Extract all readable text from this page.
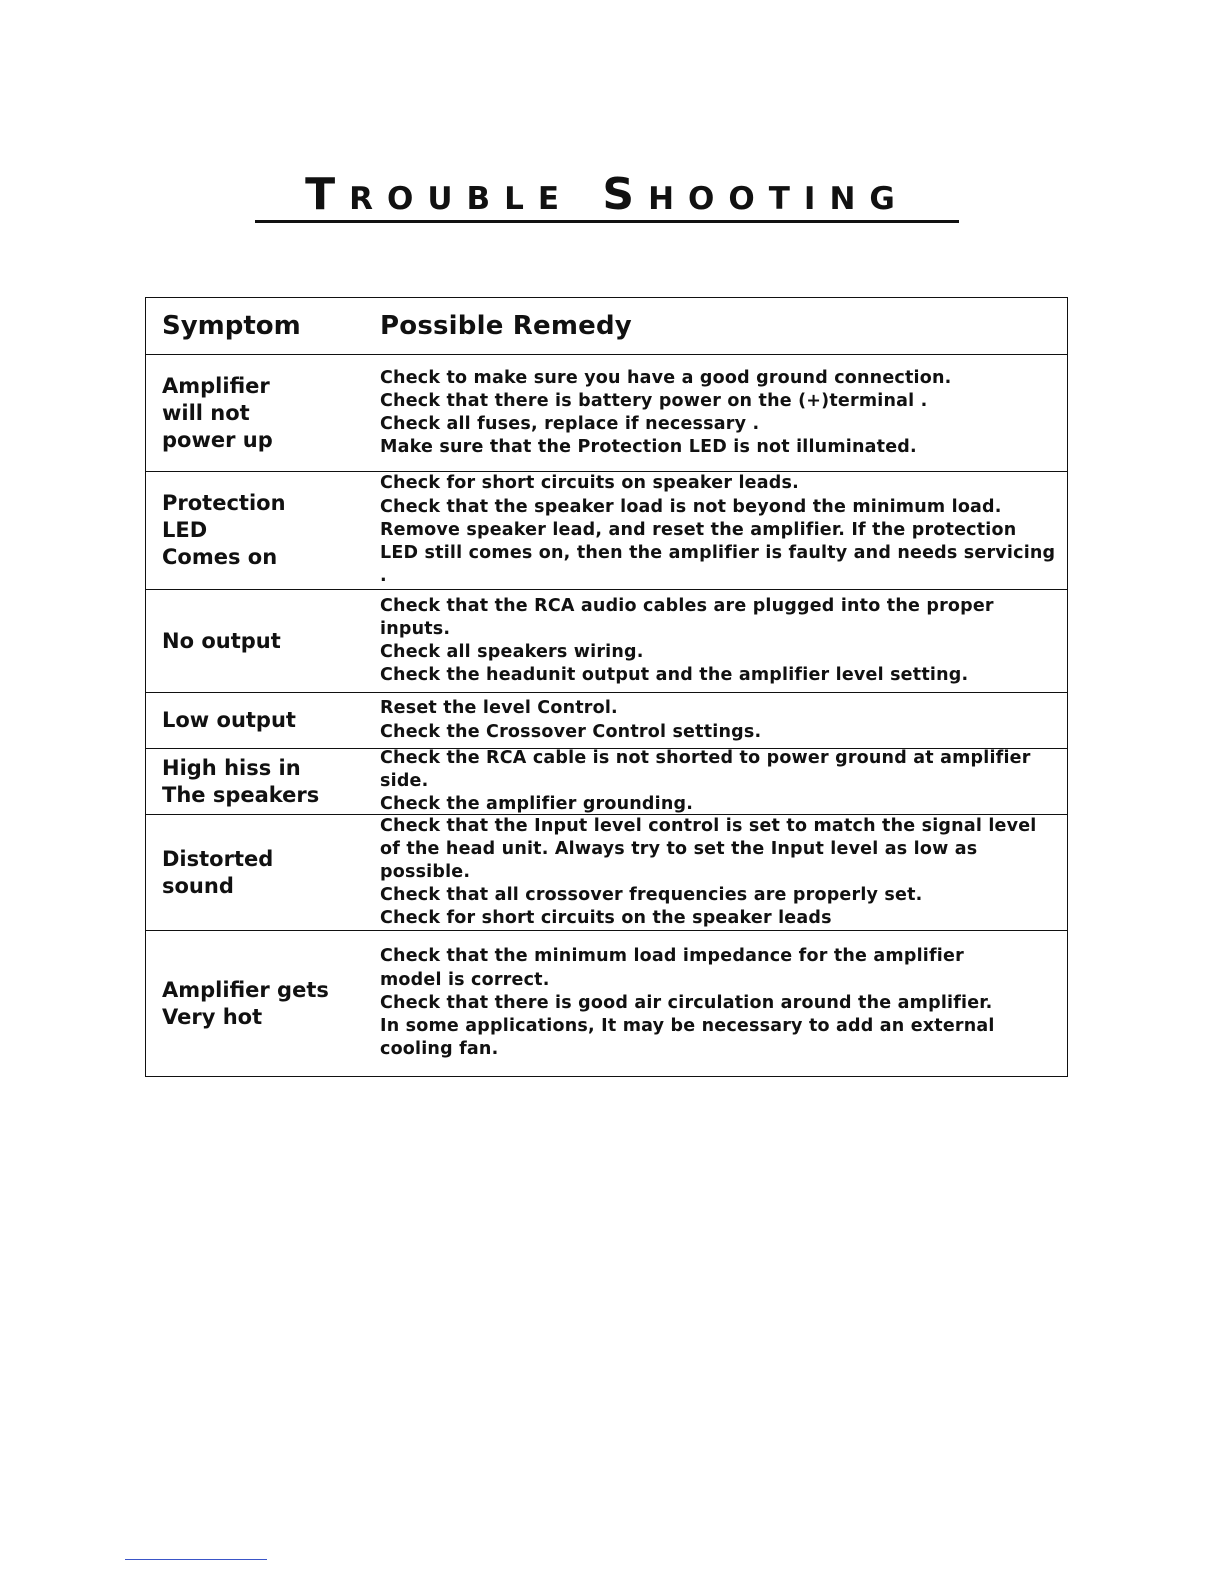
Trouble Shooting
Symptom	Possible Remedy
Amplifier
will not
power up
Check to make sure you have a good ground connection.
Check that there is battery power on the (+)terminal .
Check all fuses, replace if necessary .
Make sure that the Protection LED is not illuminated.
Protection
LED
Comes on
Check for short circuits on speaker leads.
Check that the speaker load is not beyond the minimum load.
Remove speaker lead, and reset the amplifier. If the protection
LED still comes on, then the amplifier is faulty and needs servicing .
No output
Check that the RCA audio cables are plugged into the proper inputs.
Check all speakers wiring.
Check the headunit output and the amplifier level setting.
Low output	Reset the level Control.
Check the Crossover Control settings.
High hiss in
The speakers
Check the RCA cable is not shorted to power ground at amplifier side.
Check the amplifier grounding.
Distorted
sound
Check that the Input level control is set to match the signal level
of the head unit. Always try to set the Input level as low as possible.
Check that all crossover frequencies are properly set.
Check for short circuits on the speaker leads
Amplifier gets
Very hot
Check that the minimum load impedance for the amplifier
model is correct.
Check that there is good air circulation around the amplifier.
In some applications, It may be necessary to add an external
cooling fan.
